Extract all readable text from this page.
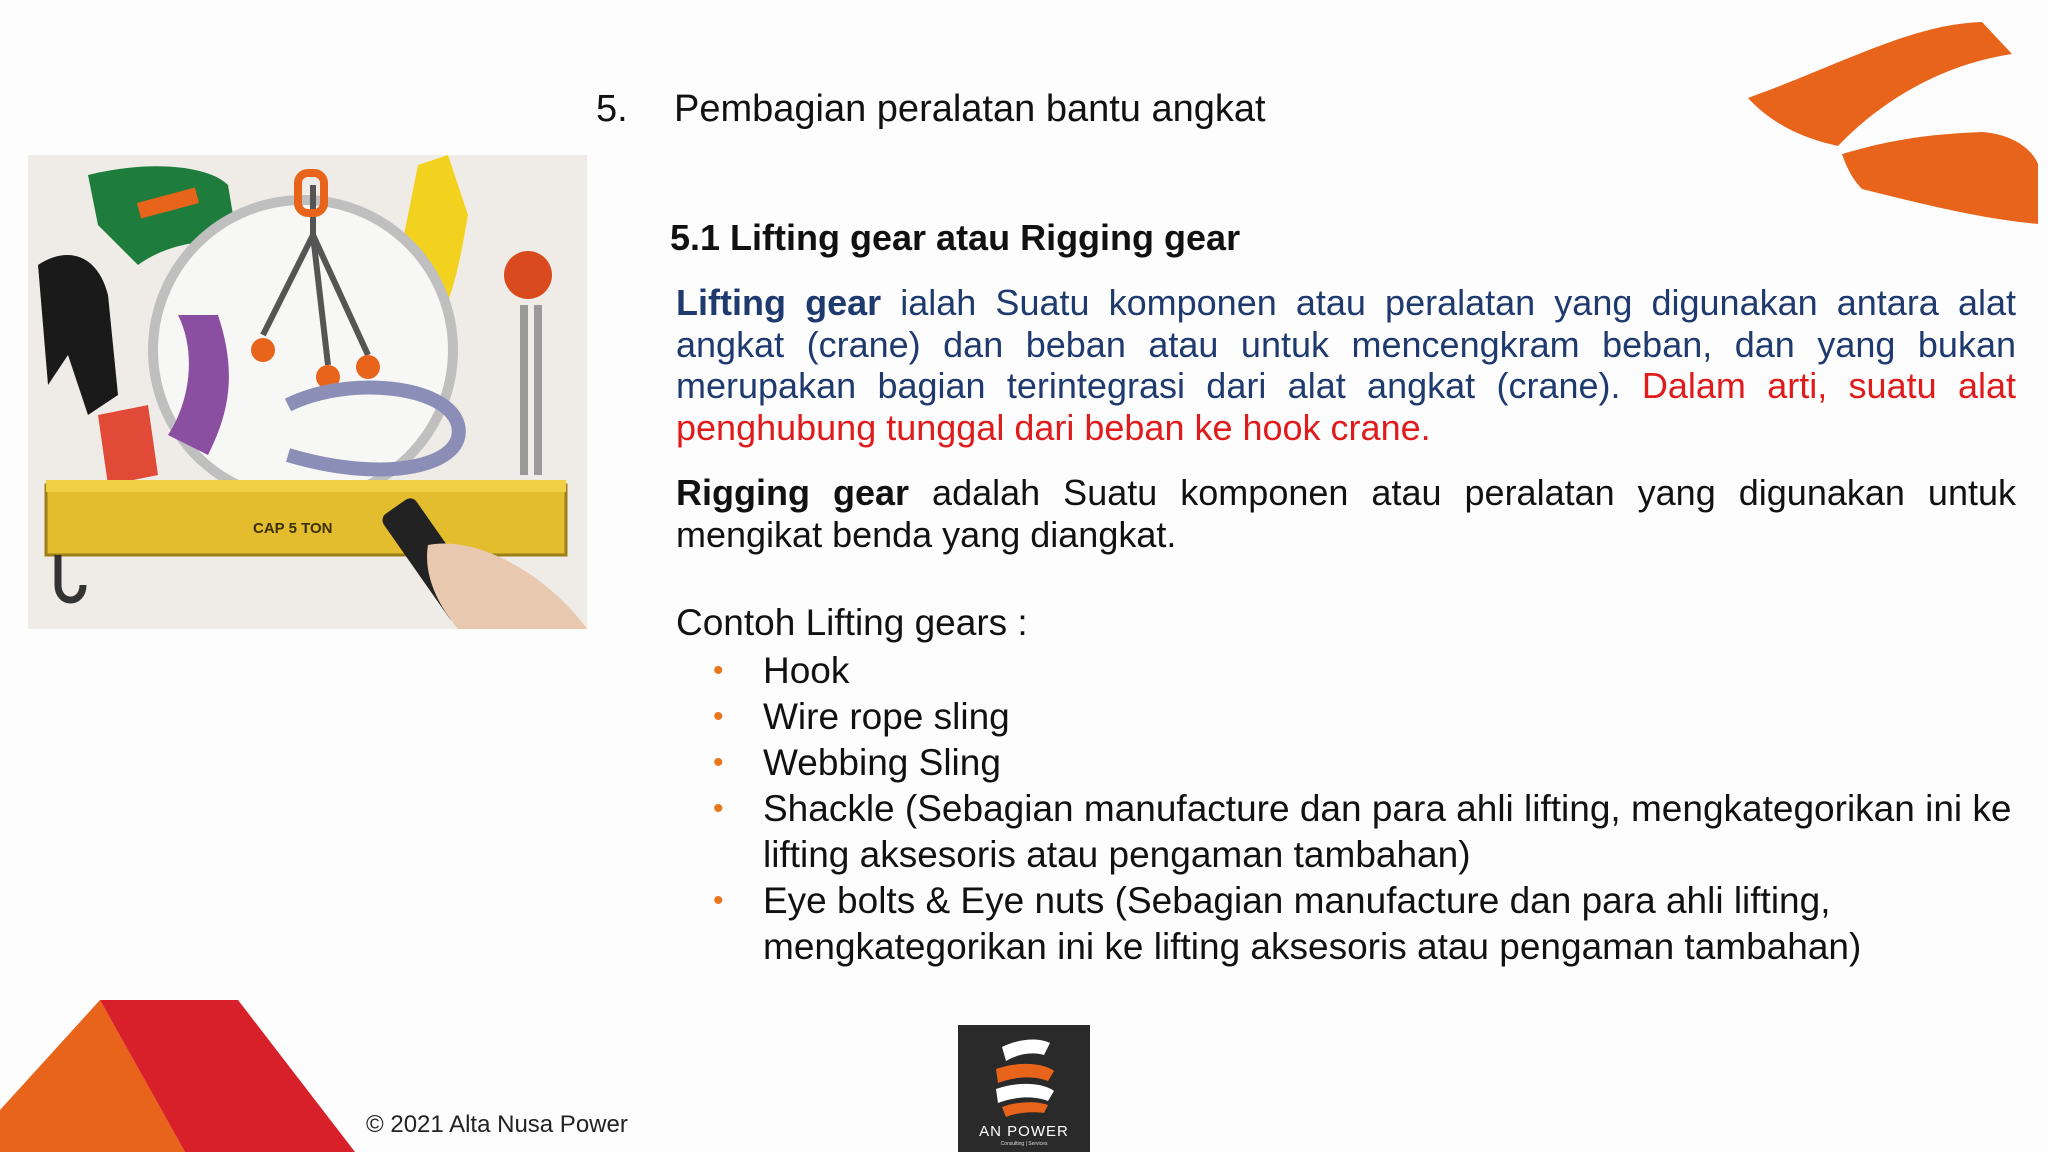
5. Pembagian peralatan bantu angkat
5.1 Lifting gear atau Rigging gear
CAP 5 TON
Lifting gear ialah Suatu komponen atau peralatan yang digunakan antara alat angkat (crane) dan beban atau untuk mencengkram beban, dan yang bukan merupakan bagian terintegrasi dari alat angkat (crane). Dalam arti, suatu alat penghubung tunggal dari beban ke hook crane.
Rigging gear adalah Suatu komponen atau peralatan yang digunakan untuk mengikat benda yang diangkat.
Contoh Lifting gears :
• Hook
• Wire rope sling
• Webbing Sling
• Shackle (Sebagian manufacture dan para ahli lifting, mengkategorikan ini ke lifting aksesoris atau pengaman tambahan)
• Eye bolts & Eye nuts (Sebagian manufacture dan para ahli lifting, mengkategorikan ini ke lifting aksesoris atau pengaman tambahan)
© 2021 Alta Nusa Power	AN POWER
Consulting | Services
